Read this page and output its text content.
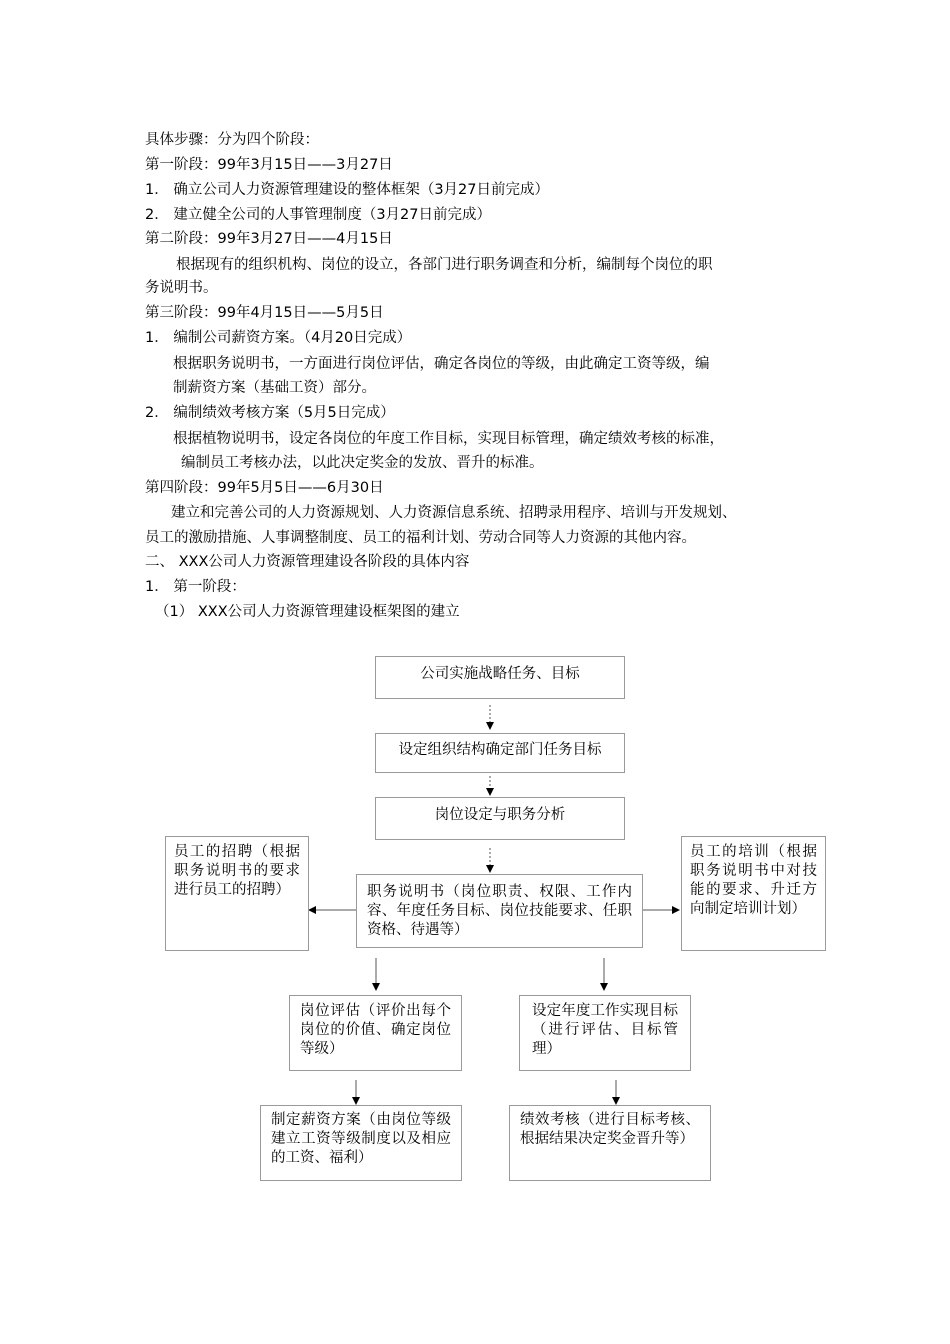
具体步骤：分为四个阶段：
第一阶段：99年3月15日——3月27日
1． 确立公司人力资源管理建设的整体框架（3月27日前完成）
2． 建立健全公司的人事管理制度（3月27日前完成）
第二阶段：99年3月27日——4月15日
根据现有的组织机构、岗位的设立，各部门进行职务调查和分析，编制每个岗位的职
务说明书。
第三阶段：99年4月15日——5月5日
1． 编制公司薪资方案。（4月20日完成）
根据职务说明书，一方面进行岗位评估，确定各岗位的等级，由此确定工资等级，编
制薪资方案（基础工资）部分。
2． 编制绩效考核方案（5月5日完成）
根据植物说明书，设定各岗位的年度工作目标，实现目标管理，确定绩效考核的标准，
编制员工考核办法，以此决定奖金的发放、晋升的标准。
第四阶段：99年5月5日——6月30日
建立和完善公司的人力资源规划、人力资源信息系统、招聘录用程序、培训与开发规划、
员工的激励措施、人事调整制度、员工的福利计划、劳动合同等人力资源的其他内容。
二、 XXX公司人力资源管理建设各阶段的具体内容
1． 第一阶段：
（1） XXX公司人力资源管理建设框架图的建立
公司实施战略任务、目标
设定组织结构确定部门任务目标
岗位设定与职务分析
职务说明书（岗位职责、权限、工作内容、年度任务目标、岗位技能要求、任职资格、待遇等）
员工的招聘（根据职务说明书的要求进行员工的招聘）
员工的培训（根据职务说明书中对技能的要求、升迁方向制定培训计划）
岗位评估（评价出每个岗位的价值、确定岗位等级）
设定年度工作实现目标（进行评估、目标管理）
制定薪资方案（由岗位等级建立工资等级制度以及相应的工资、福利）
绩效考核（进行目标考核、根据结果决定奖金晋升等）
